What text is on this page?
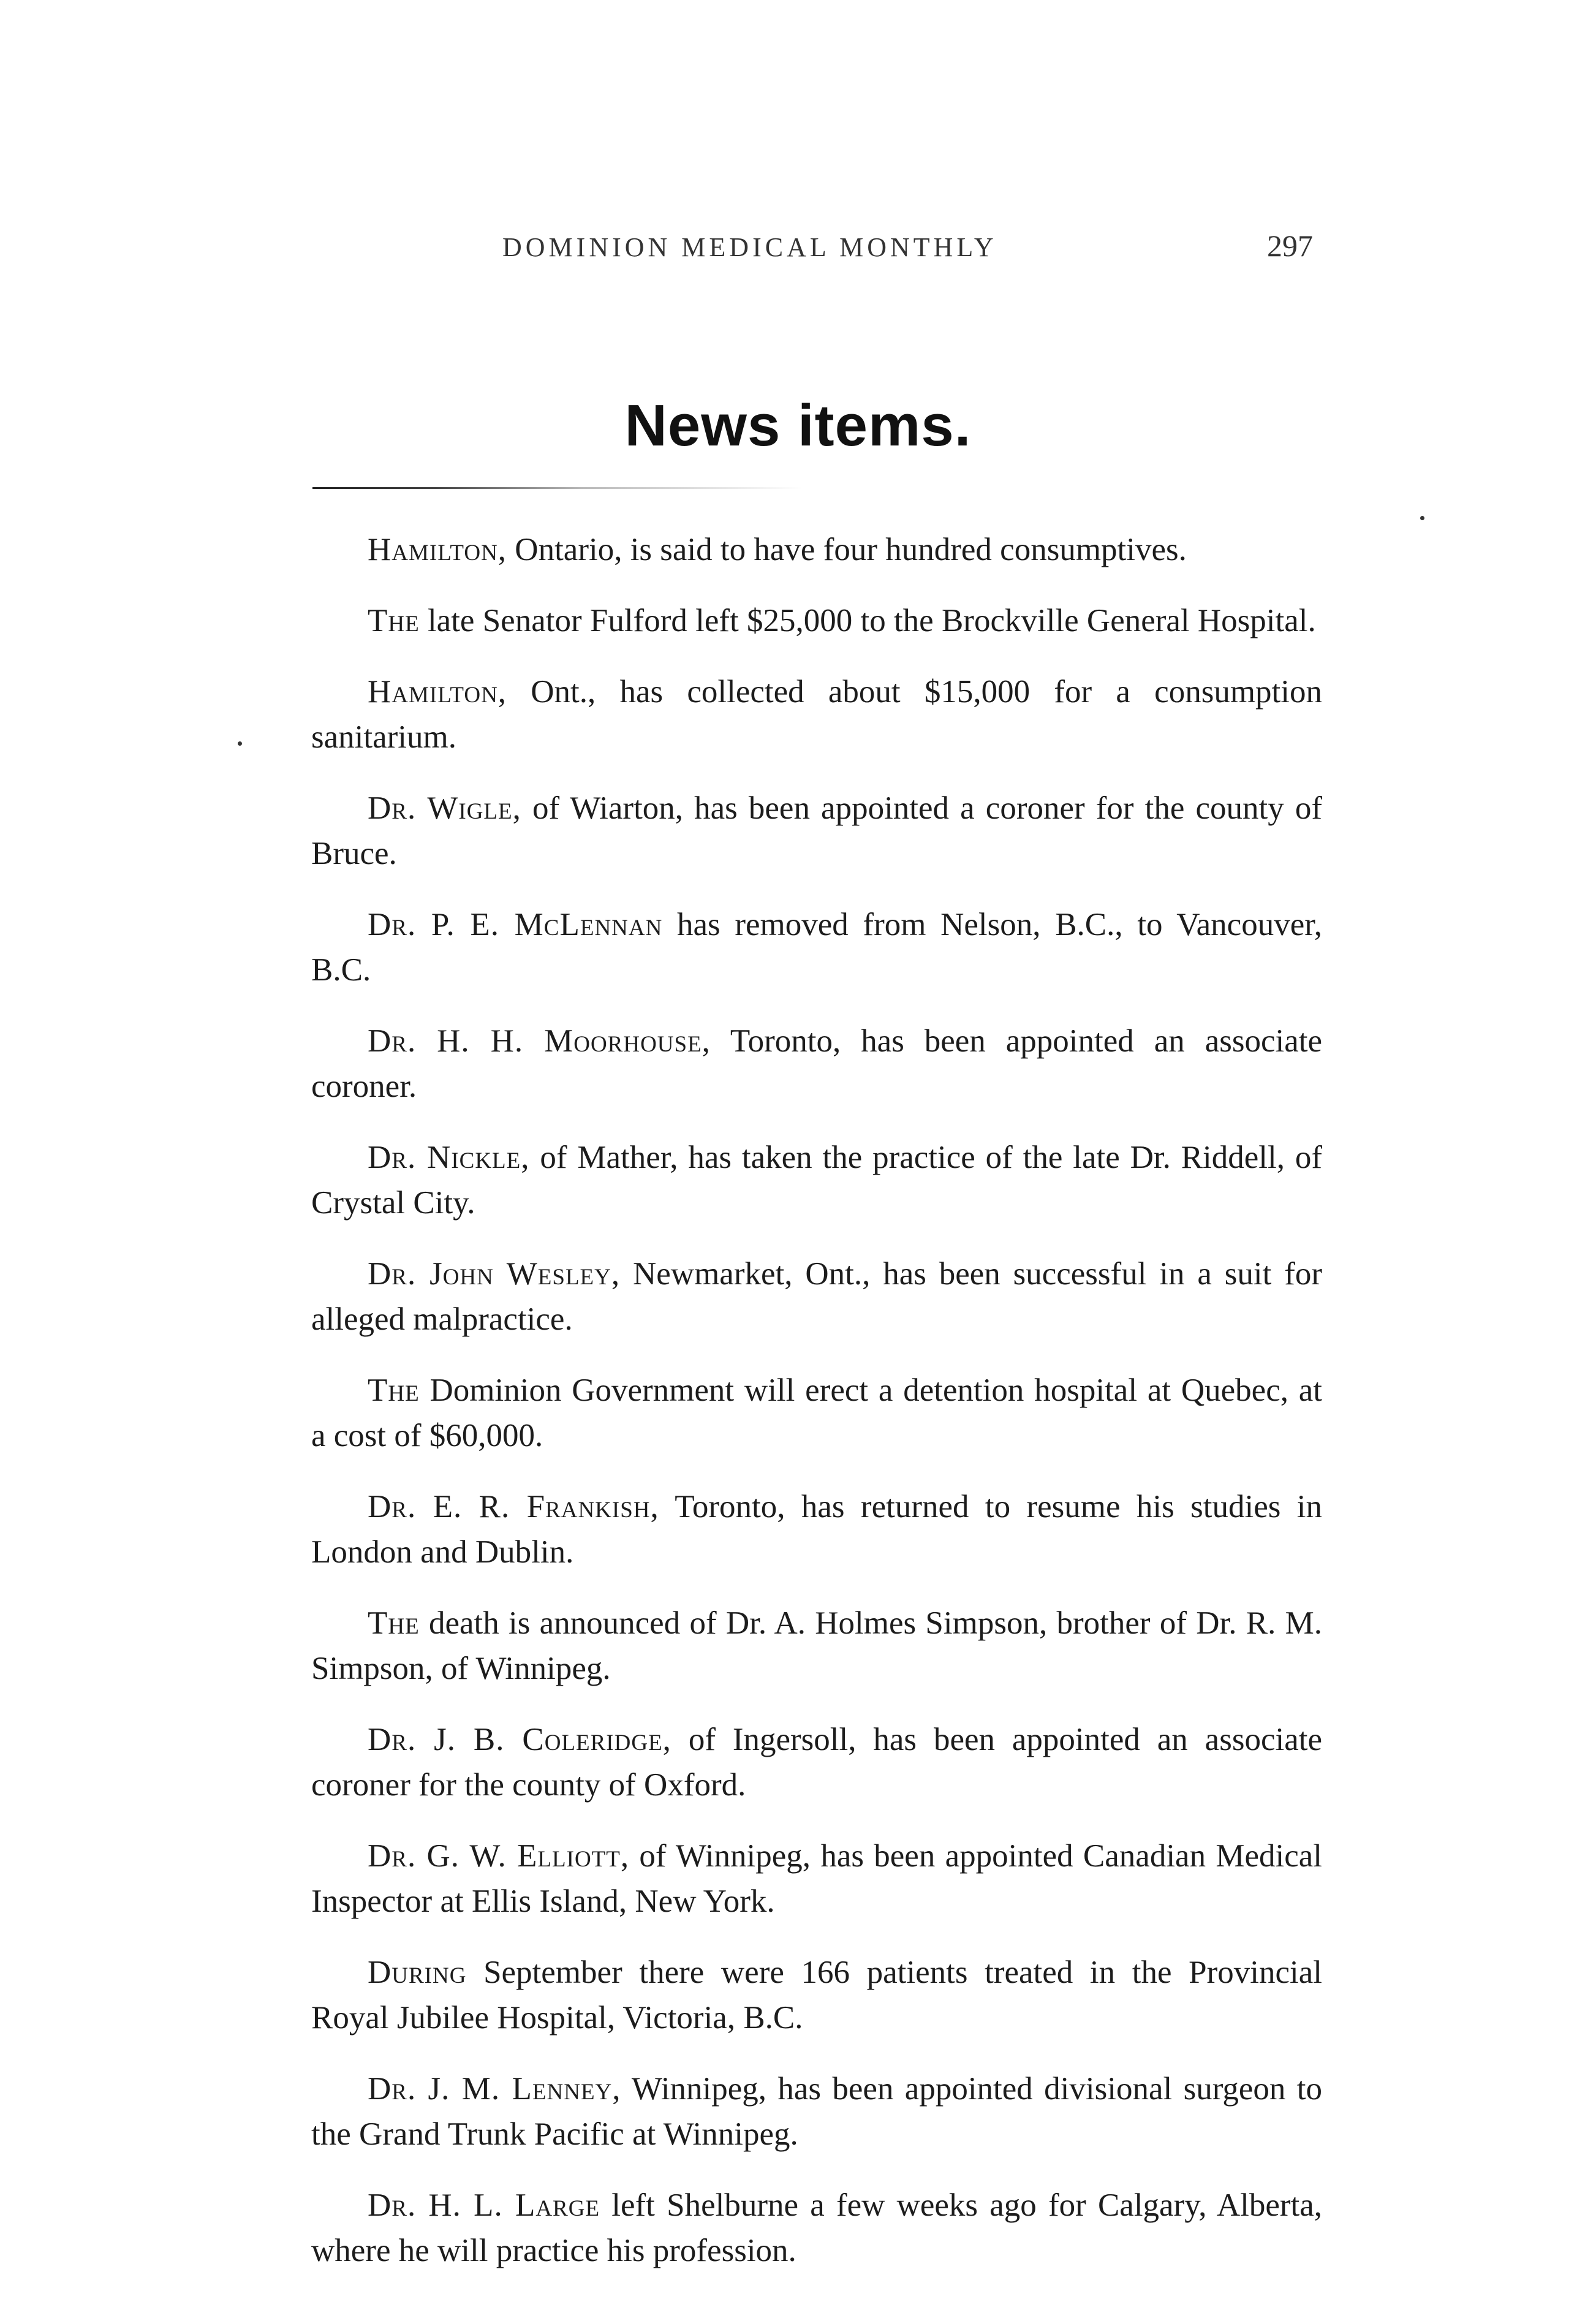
DOMINION MEDICAL MONTHLY	297
News items.

Hamilton, Ontario, is said to have four hundred consumptives.

The late Senator Fulford left $25,000 to the Brockville General Hospital.

Hamilton, Ont., has collected about $15,000 for a consumption sanitarium.

Dr. Wigle, of Wiarton, has been appointed a coroner for the county of Bruce.

Dr. P. E. McLennan has removed from Nelson, B.C., to Vancouver, B.C.

Dr. H. H. Moorhouse, Toronto, has been appointed an associate coroner.

Dr. Nickle, of Mather, has taken the practice of the late Dr. Riddell, of Crystal City.

Dr. John Wesley, Newmarket, Ont., has been successful in a suit for alleged malpractice.

The Dominion Government will erect a detention hospital at Quebec, at a cost of $60,000.

Dr. E. R. Frankish, Toronto, has returned to resume his studies in London and Dublin.

The death is announced of Dr. A. Holmes Simpson, brother of Dr. R. M. Simpson, of Winnipeg.

Dr. J. B. Coleridge, of Ingersoll, has been appointed an associate coroner for the county of Oxford.

Dr. G. W. Elliott, of Winnipeg, has been appointed Canadian Medical Inspector at Ellis Island, New York.

During September there were 166 patients treated in the Provincial Royal Jubilee Hospital, Victoria, B.C.

Dr. J. M. Lenney, Winnipeg, has been appointed divisional surgeon to the Grand Trunk Pacific at Winnipeg.

Dr. H. L. Large left Shelburne a few weeks ago for Calgary, Alberta, where he will practice his profession.
